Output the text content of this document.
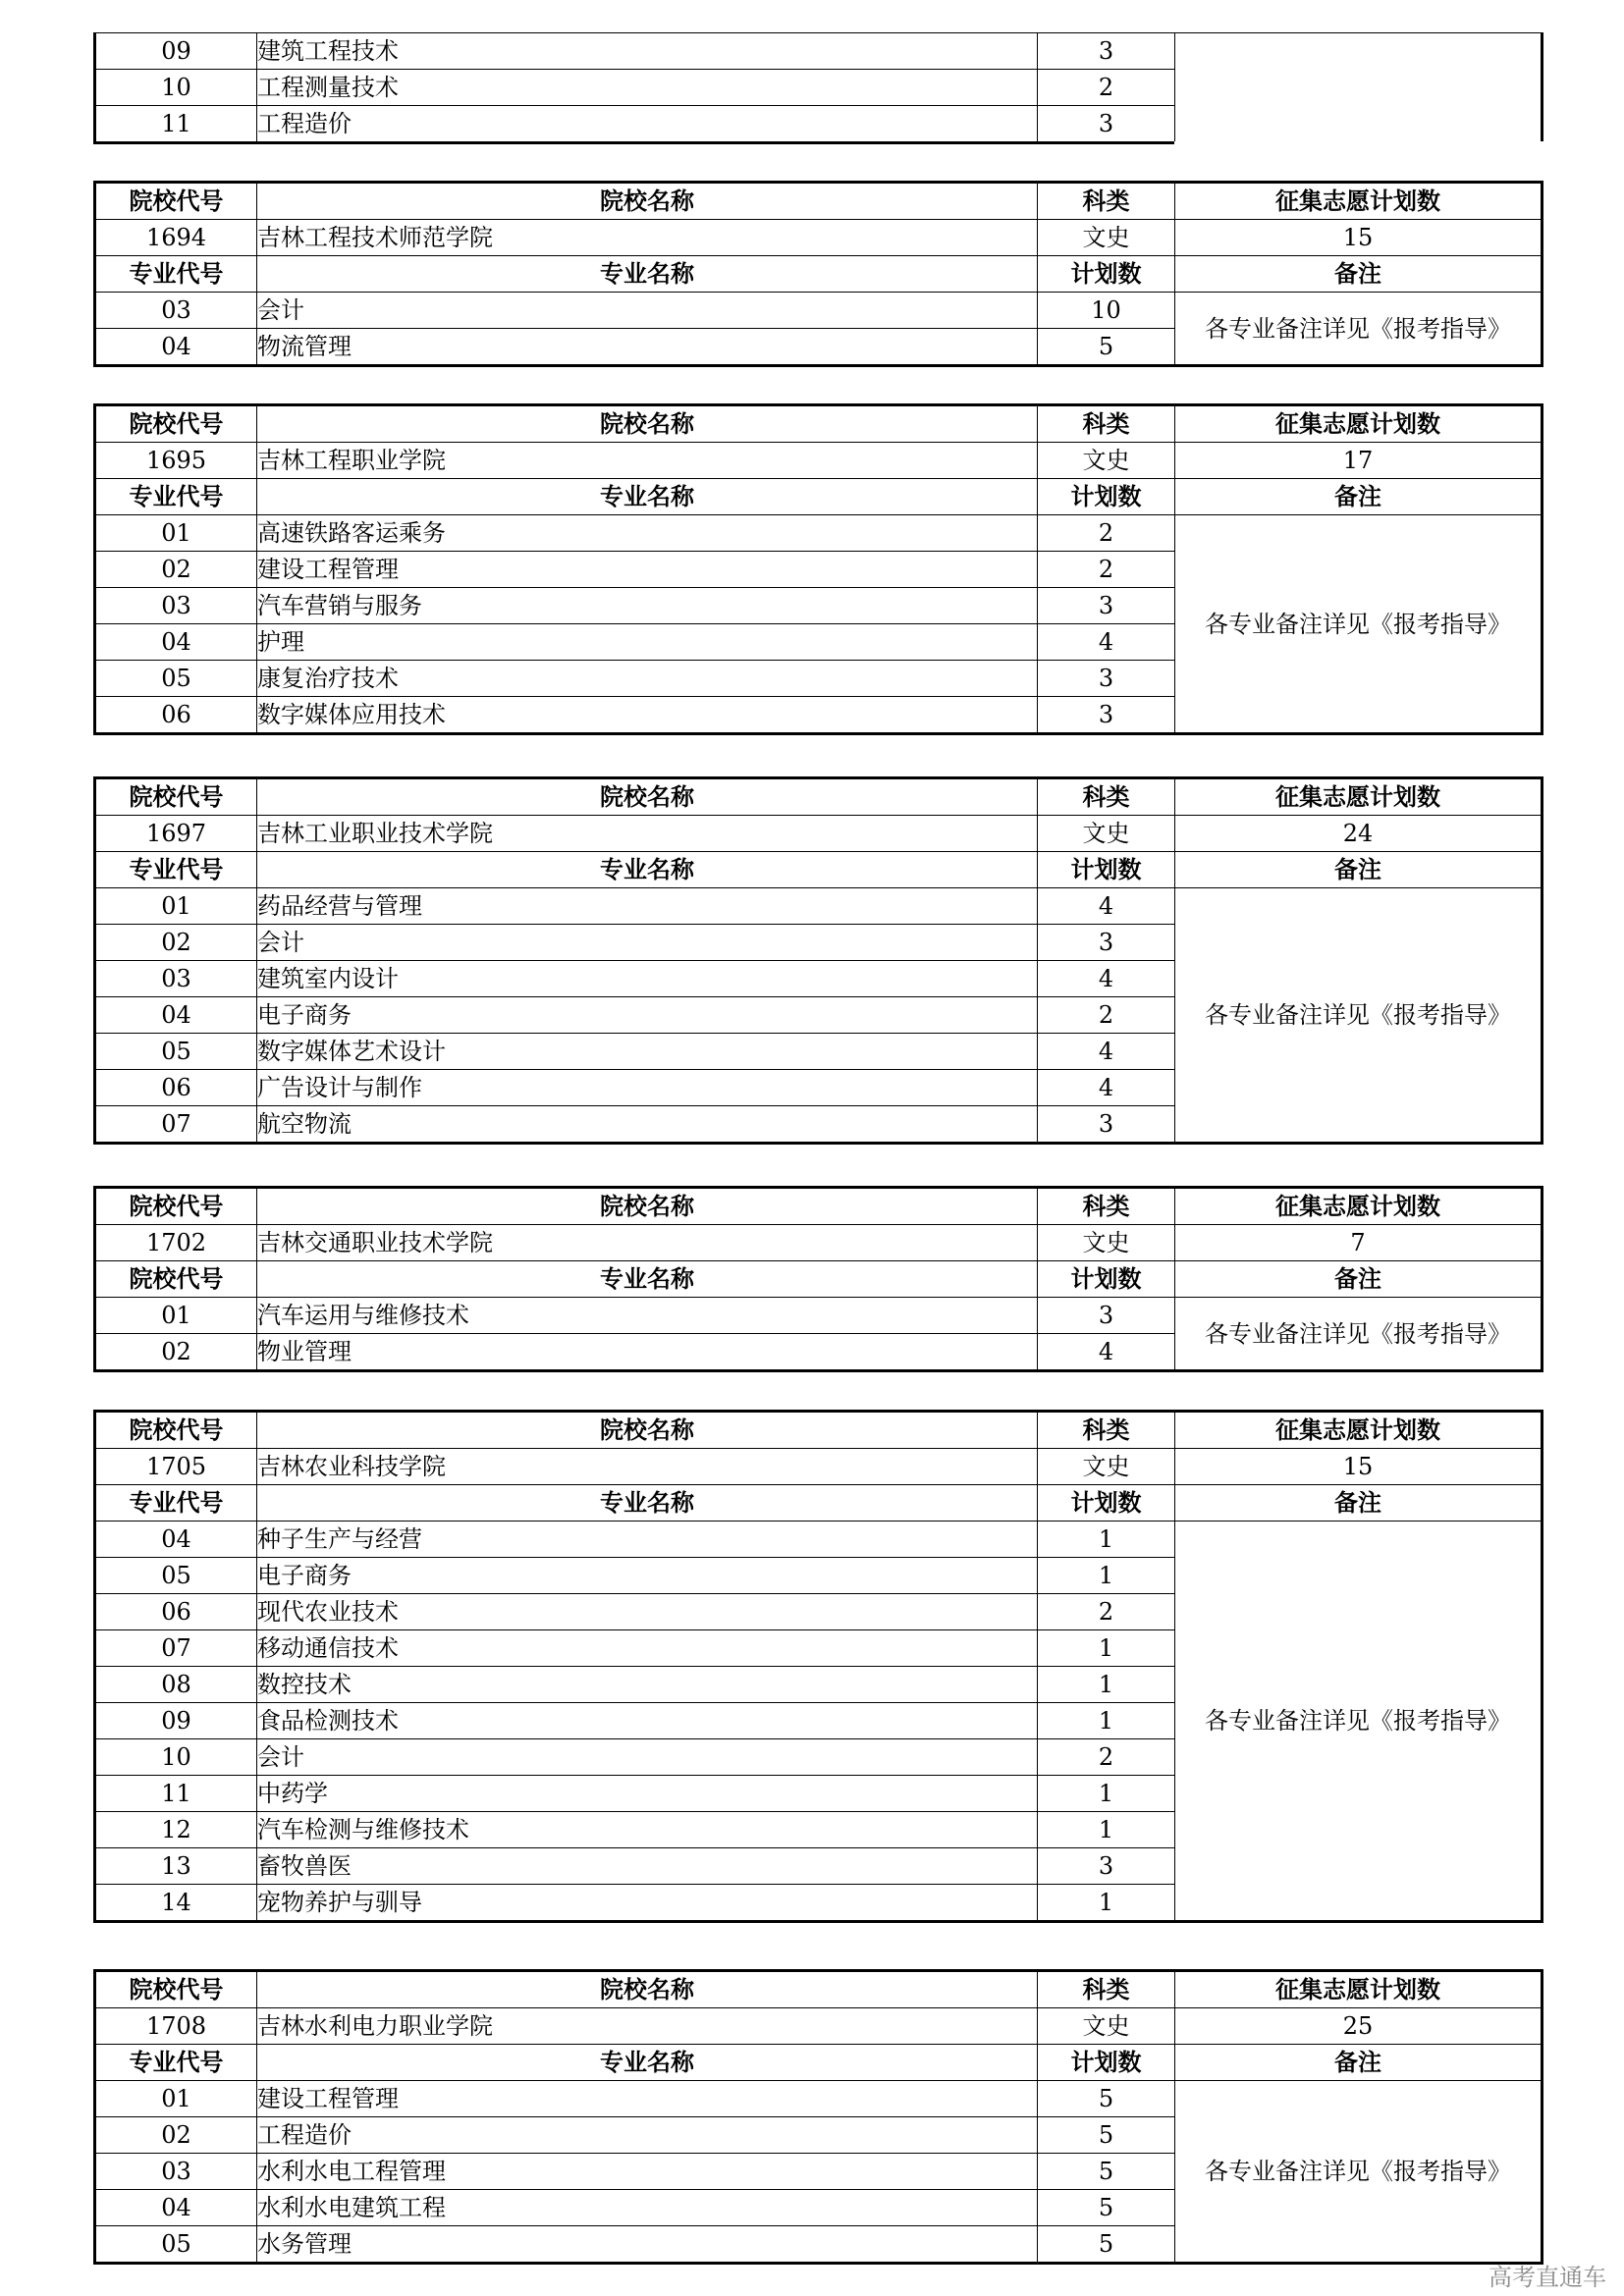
09	建筑工程技术	3	
10	工程测量技术	2	
11	工程造价	3	
院校代号	院校名称	科类	征集志愿计划数
1694	吉林工程技术师范学院	文史	15
专业代号	专业名称	计划数	备注
03	会计	10	各专业备注详见《报考指导》
04	物流管理	5	
院校代号	院校名称	科类	征集志愿计划数
1695	吉林工程职业学院	文史	17
专业代号	专业名称	计划数	备注
01	高速铁路客运乘务	2	各专业备注详见《报考指导》
02	建设工程管理	2	
03	汽车营销与服务	3	
04	护理	4	
05	康复治疗技术	3	
06	数字媒体应用技术	3	
院校代号	院校名称	科类	征集志愿计划数
1697	吉林工业职业技术学院	文史	24
专业代号	专业名称	计划数	备注
01	药品经营与管理	4	各专业备注详见《报考指导》
02	会计	3	
03	建筑室内设计	4	
04	电子商务	2	
05	数字媒体艺术设计	4	
06	广告设计与制作	4	
07	航空物流	3	
院校代号	院校名称	科类	征集志愿计划数
1702	吉林交通职业技术学院	文史	7
院校代号	专业名称	计划数	备注
01	汽车运用与维修技术	3	各专业备注详见《报考指导》
02	物业管理	4	
院校代号	院校名称	科类	征集志愿计划数
1705	吉林农业科技学院	文史	15
专业代号	专业名称	计划数	备注
04	种子生产与经营	1	各专业备注详见《报考指导》
05	电子商务	1	
06	现代农业技术	2	
07	移动通信技术	1	
08	数控技术	1	
09	食品检测技术	1	
10	会计	2	
11	中药学	1	
12	汽车检测与维修技术	1	
13	畜牧兽医	3	
14	宠物养护与驯导	1	
院校代号	院校名称	科类	征集志愿计划数
1708	吉林水利电力职业学院	文史	25
专业代号	专业名称	计划数	备注
01	建设工程管理	5	各专业备注详见《报考指导》
02	工程造价	5	
03	水利水电工程管理	5	
04	水利水电建筑工程	5	
05	水务管理	5	
高考直通车
